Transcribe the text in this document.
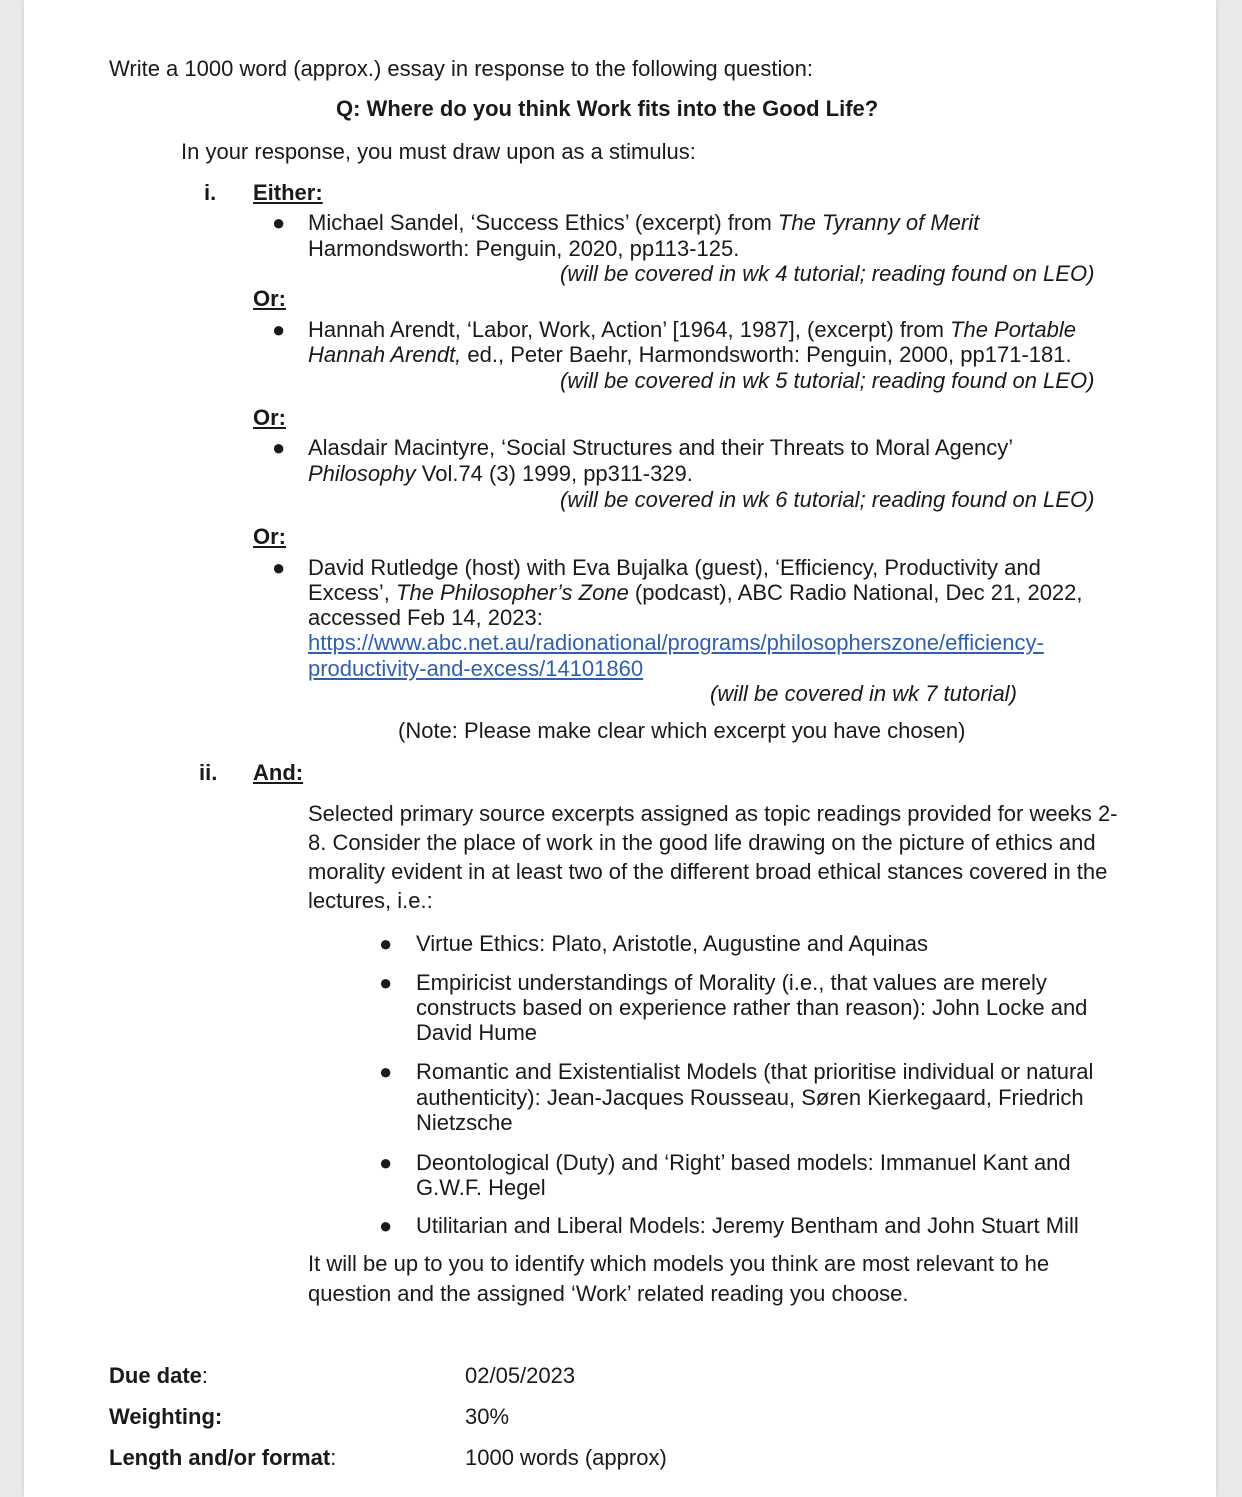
Write a 1000 word (approx.) essay in response to the following question:
Q: Where do you think Work fits into the Good Life?
In your response, you must draw upon as a stimulus:
i. Either:
● Michael Sandel, ‘Success Ethics’ (excerpt) from The Tyranny of Merit
Harmondsworth: Penguin, 2020, pp113-125.
(will be covered in wk 4 tutorial; reading found on LEO)
Or:
● Hannah Arendt, ‘Labor, Work, Action’ [1964, 1987], (excerpt) from The Portable
Hannah Arendt, ed., Peter Baehr, Harmondsworth: Penguin, 2000, pp171-181.
(will be covered in wk 5 tutorial; reading found on LEO)
Or:
● Alasdair Macintyre, ‘Social Structures and their Threats to Moral Agency’
Philosophy Vol.74 (3) 1999, pp311-329.
(will be covered in wk 6 tutorial; reading found on LEO)
Or:
● David Rutledge (host) with Eva Bujalka (guest), ‘Efficiency, Productivity and
Excess’, The Philosopher’s Zone (podcast), ABC Radio National, Dec 21, 2022,
accessed Feb 14, 2023:
https://www.abc.net.au/radionational/programs/philosopherszone/efficiency-
productivity-and-excess/14101860
(will be covered in wk 7 tutorial)
(Note: Please make clear which excerpt you have chosen)
ii. And:
Selected primary source excerpts assigned as topic readings provided for weeks 2-
8. Consider the place of work in the good life drawing on the picture of ethics and
morality evident in at least two of the different broad ethical stances covered in the
lectures, i.e.:
● Virtue Ethics: Plato, Aristotle, Augustine and Aquinas
● Empiricist understandings of Morality (i.e., that values are merely
constructs based on experience rather than reason): John Locke and
David Hume
● Romantic and Existentialist Models (that prioritise individual or natural
authenticity): Jean-Jacques Rousseau, Søren Kierkegaard, Friedrich
Nietzsche
● Deontological (Duty) and ‘Right’ based models: Immanuel Kant and
G.W.F. Hegel
● Utilitarian and Liberal Models: Jeremy Bentham and John Stuart Mill
It will be up to you to identify which models you think are most relevant to he
question and the assigned ‘Work’ related reading you choose.
Due date:	02/05/2023
Weighting:	30%
Length and/or format:	1000 words (approx)
